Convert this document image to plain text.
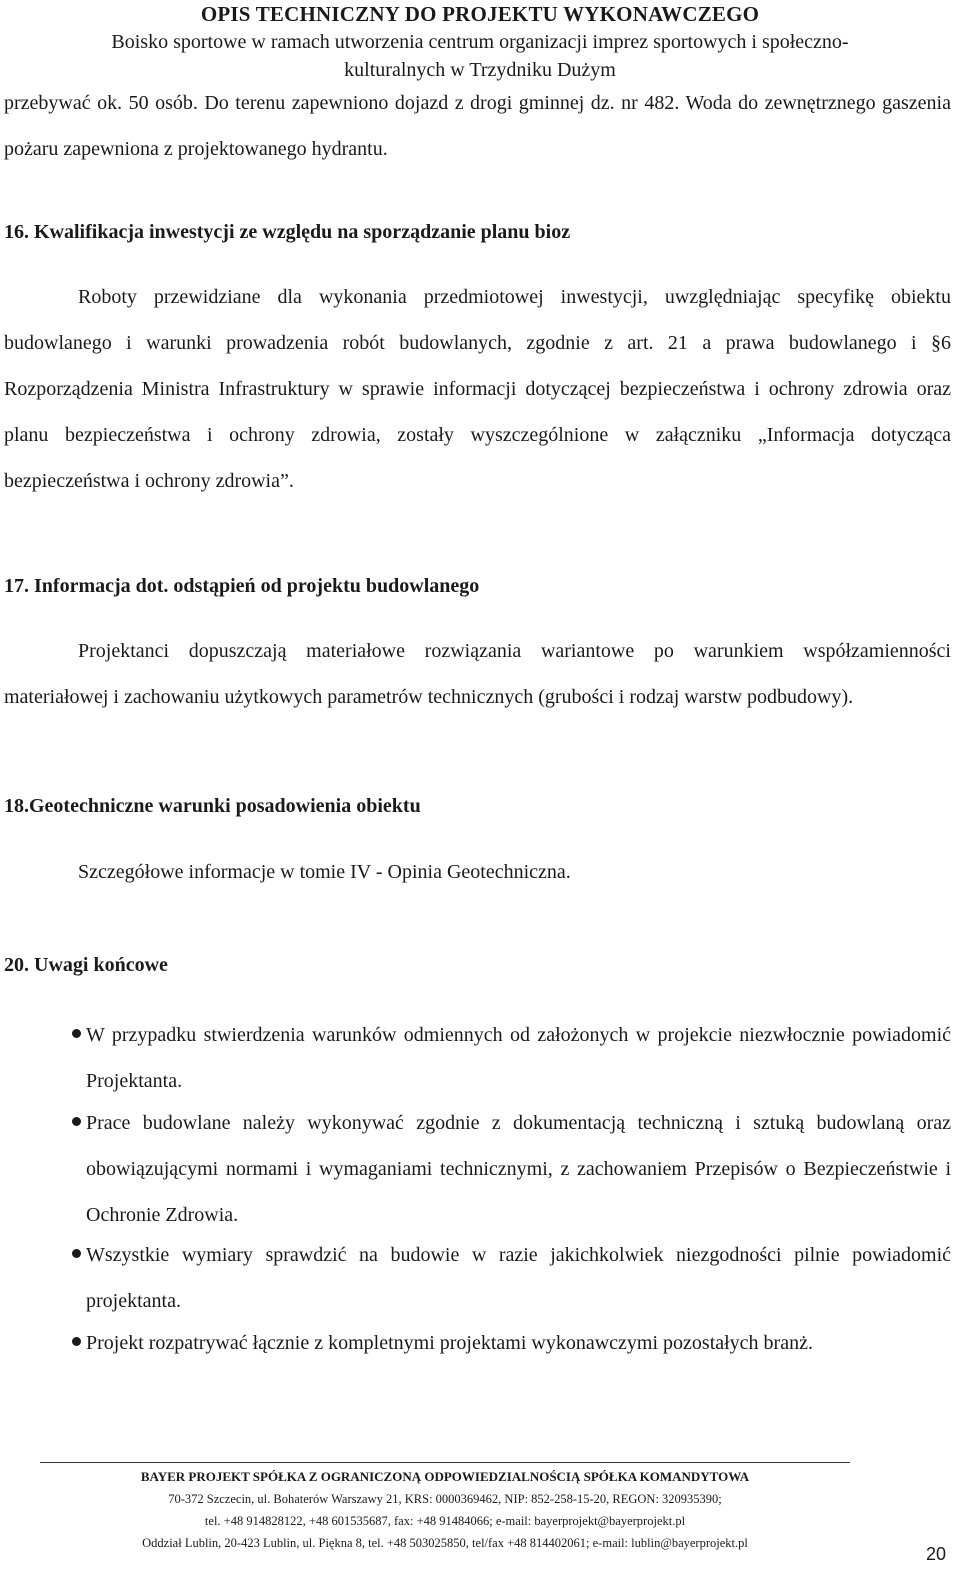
OPIS TECHNICZNY DO PROJEKTU WYKONAWCZEGO
Boisko sportowe w ramach utworzenia centrum organizacji imprez sportowych i społeczno-
kulturalnych w Trzydniku Dużym

przebywać ok. 50 osób. Do terenu zapewniono dojazd z drogi gminnej dz. nr 482. Woda do zewnętrznego gaszenia pożaru zapewniona z projektowanego hydrantu.

16. Kwalifikacja inwestycji ze względu na sporządzanie planu bioz

Roboty przewidziane dla wykonania przedmiotowej inwestycji, uwzględniając specyfikę obiektu budowlanego i warunki prowadzenia robót budowlanych, zgodnie z art. 21 a prawa budowlanego i §6 Rozporządzenia Ministra Infrastruktury w sprawie informacji dotyczącej bezpieczeństwa i ochrony zdrowia oraz planu bezpieczeństwa i ochrony zdrowia, zostały wyszczególnione w załączniku „Informacja dotycząca bezpieczeństwa i ochrony zdrowia”.

17. Informacja dot. odstąpień od projektu budowlanego

Projektanci dopuszczają materiałowe rozwiązania wariantowe po warunkiem współzamienności materiałowej i zachowaniu użytkowych parametrów technicznych (grubości i rodzaj warstw podbudowy).

18.Geotechniczne warunki posadowienia obiektu

Szczegółowe informacje w tomie IV - Opinia Geotechniczna.

20. Uwagi końcowe
W przypadku stwierdzenia warunków odmiennych od założonych w projekcie niezwłocznie powiadomić Projektanta.
Prace budowlane należy wykonywać zgodnie z dokumentacją techniczną i sztuką budowlaną oraz obowiązującymi normami i wymaganiami technicznymi, z zachowaniem Przepisów o Bezpieczeństwie i Ochronie Zdrowia.
Wszystkie wymiary sprawdzić na budowie w razie jakichkolwiek niezgodności pilnie powiadomić projektanta.
Projekt rozpatrywać łącznie z kompletnymi projektami wykonawczymi pozostałych branż.
BAYER PROJEKT SPÓŁKA Z OGRANICZONĄ ODPOWIEDZIALNOŚCIĄ SPÓŁKA KOMANDYTOWA
70-372 Szczecin, ul. Bohaterów Warszawy 21, KRS: 0000369462, NIP: 852-258-15-20, REGON: 320935390;
tel. +48 914828122, +48 601535687, fax: +48 91484066; e-mail: bayerprojekt@bayerprojekt.pl
Oddział Lublin, 20-423 Lublin, ul. Piękna 8, tel. +48 503025850, tel/fax +48 814402061; e-mail: lublin@bayerprojekt.pl
20
